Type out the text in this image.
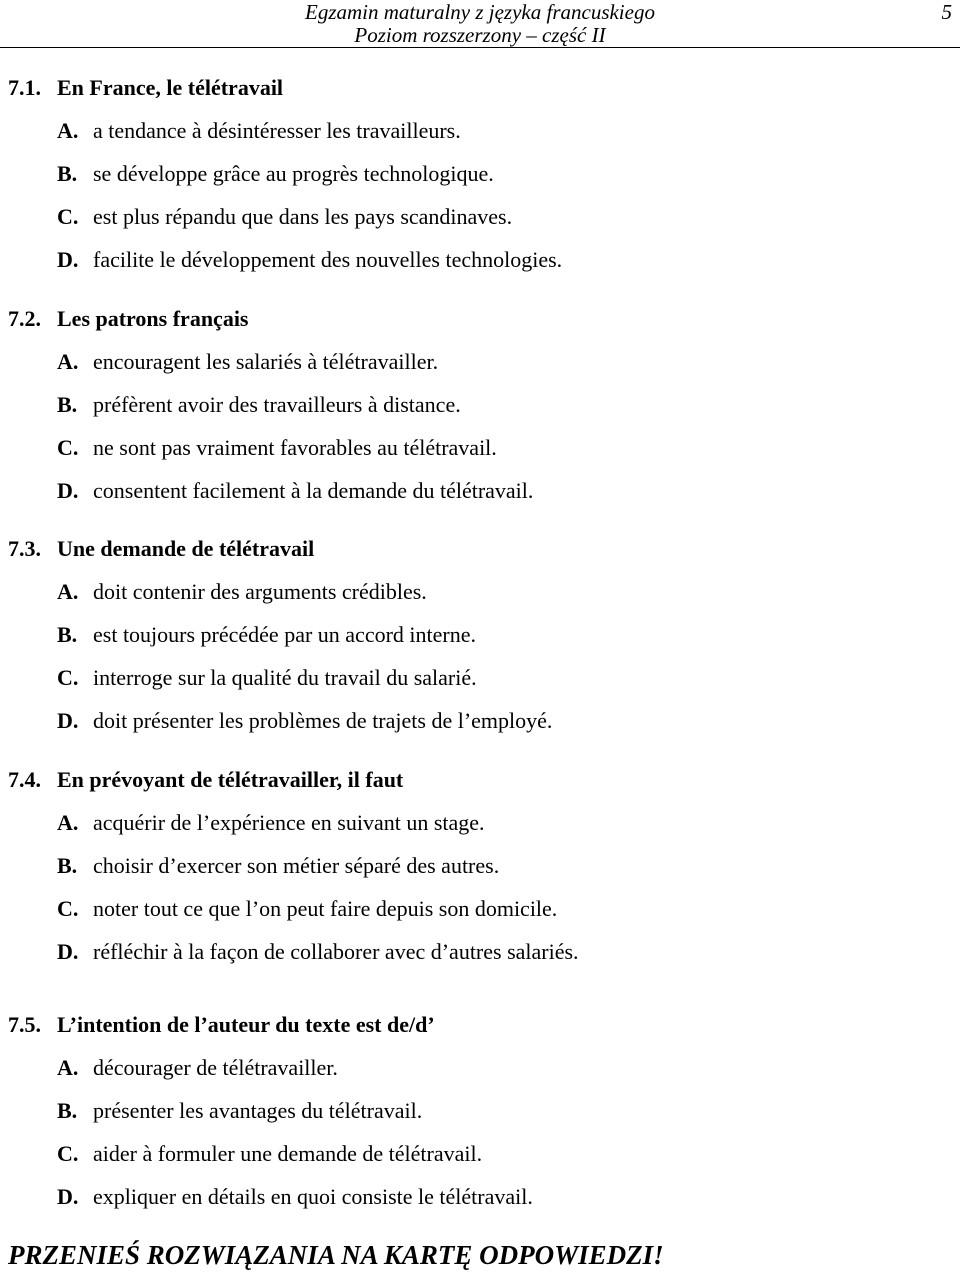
Egzamin maturalny z języka francuskiego
Poziom rozszerzony – część II
5
7.1. En France, le télétravail
A. a tendance à désintéresser les travailleurs.
B. se développe grâce au progrès technologique.
C. est plus répandu que dans les pays scandinaves.
D. facilite le développement des nouvelles technologies.
7.2. Les patrons français
A. encouragent les salariés à télétravailler.
B. préfèrent avoir des travailleurs à distance.
C. ne sont pas vraiment favorables au télétravail.
D. consentent facilement à la demande du télétravail.
7.3. Une demande de télétravail
A. doit contenir des arguments crédibles.
B. est toujours précédée par un accord interne.
C. interroge sur la qualité du travail du salarié.
D. doit présenter les problèmes de trajets de l’employé.
7.4. En prévoyant de télétravailler, il faut
A. acquérir de l’expérience en suivant un stage.
B. choisir d’exercer son métier séparé des autres.
C. noter tout ce que l’on peut faire depuis son domicile.
D. réfléchir à la façon de collaborer avec d’autres salariés.
7.5. L’intention de l’auteur du texte est de/d’
A. décourager de télétravailler.
B. présenter les avantages du télétravail.
C. aider à formuler une demande de télétravail.
D. expliquer en détails en quoi consiste le télétravail.
PRZENIEŚ ROZWIĄZANIA NA KARTĘ ODPOWIEDZI!
